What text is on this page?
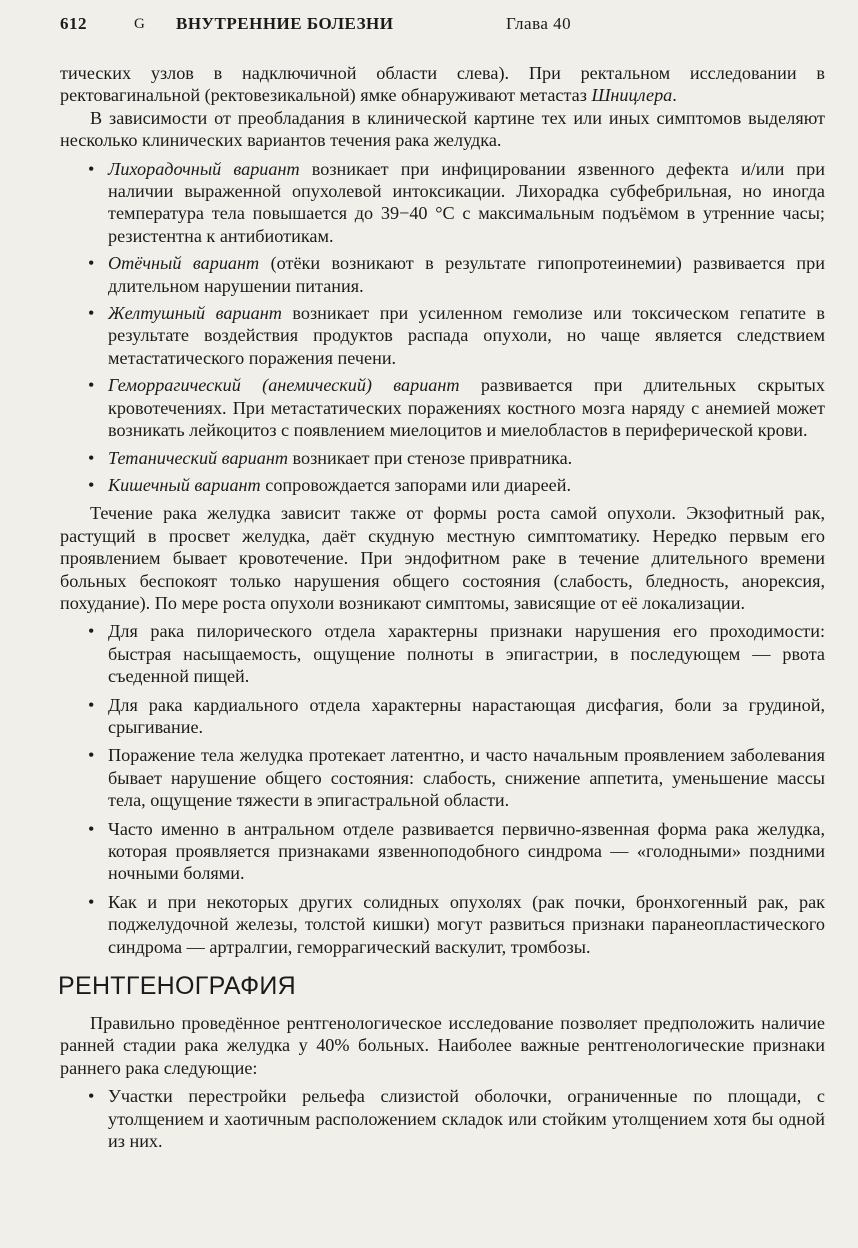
612	G ВНУТРЕННИЕ БОЛЕЗНИ	Глава 40

тических узлов в надключичной области слева). При ректальном исследовании в ректовагинальной (ректовезикальной) ямке обнаруживают метастаз Шницлера.

В зависимости от преобладания в клинической картине тех или иных симптомов выделяют несколько клинических вариантов течения рака желудка.

• Лихорадочный вариант возникает при инфицировании язвенного дефекта и/или при наличии выраженной опухолевой интоксикации. Лихорадка субфебрильная, но иногда температура тела повышается до 39−40 °C с максимальным подъёмом в утренние часы; резистентна к антибиотикам.
• Отёчный вариант (отёки возникают в результате гипопротеинемии) развивается при длительном нарушении питания.
• Желтушный вариант возникает при усиленном гемолизе или токсическом гепатите в результате воздействия продуктов распада опухоли, но чаще является следствием метастатического поражения печени.
• Геморрагический (анемический) вариант развивается при длительных скрытых кровотечениях. При метастатических поражениях костного мозга наряду с анемией может возникать лейкоцитоз с появлением миелоцитов и миелобластов в периферической крови.
• Тетанический вариант возникает при стенозе привратника.
• Кишечный вариант сопровождается запорами или диареей.

Течение рака желудка зависит также от формы роста самой опухоли. Экзофитный рак, растущий в просвет желудка, даёт скудную местную симптоматику. Нередко первым его проявлением бывает кровотечение. При эндофитном раке в течение длительного времени больных беспокоят только нарушения общего состояния (слабость, бледность, анорексия, похудание). По мере роста опухоли возникают симптомы, зависящие от её локализации.

• Для рака пилорического отдела характерны признаки нарушения его проходимости: быстрая насыщаемость, ощущение полноты в эпигастрии, в последующем — рвота съеденной пищей.
• Для рака кардиального отдела характерны нарастающая дисфагия, боли за грудиной, срыгивание.
• Поражение тела желудка протекает латентно, и часто начальным проявлением заболевания бывает нарушение общего состояния: слабость, снижение аппетита, уменьшение массы тела, ощущение тяжести в эпигастральной области.
• Часто именно в антральном отделе развивается первично-язвенная форма рака желудка, которая проявляется признаками язвенноподобного синдрома — «голодными» поздними ночными болями.
• Как и при некоторых других солидных опухолях (рак почки, бронхогенный рак, рак поджелудочной железы, толстой кишки) могут развиться признаки паранеопластического синдрома — артралгии, геморрагический васкулит, тромбозы.
РЕНТГЕНОГРАФИЯ

Правильно проведённое рентгенологическое исследование позволяет предположить наличие ранней стадии рака желудка у 40% больных. Наиболее важные рентгенологические признаки раннего рака следующие:

• Участки перестройки рельефа слизистой оболочки, ограниченные по площади, с утолщением и хаотичным расположением складок или стойким утолщением хотя бы одной из них.
